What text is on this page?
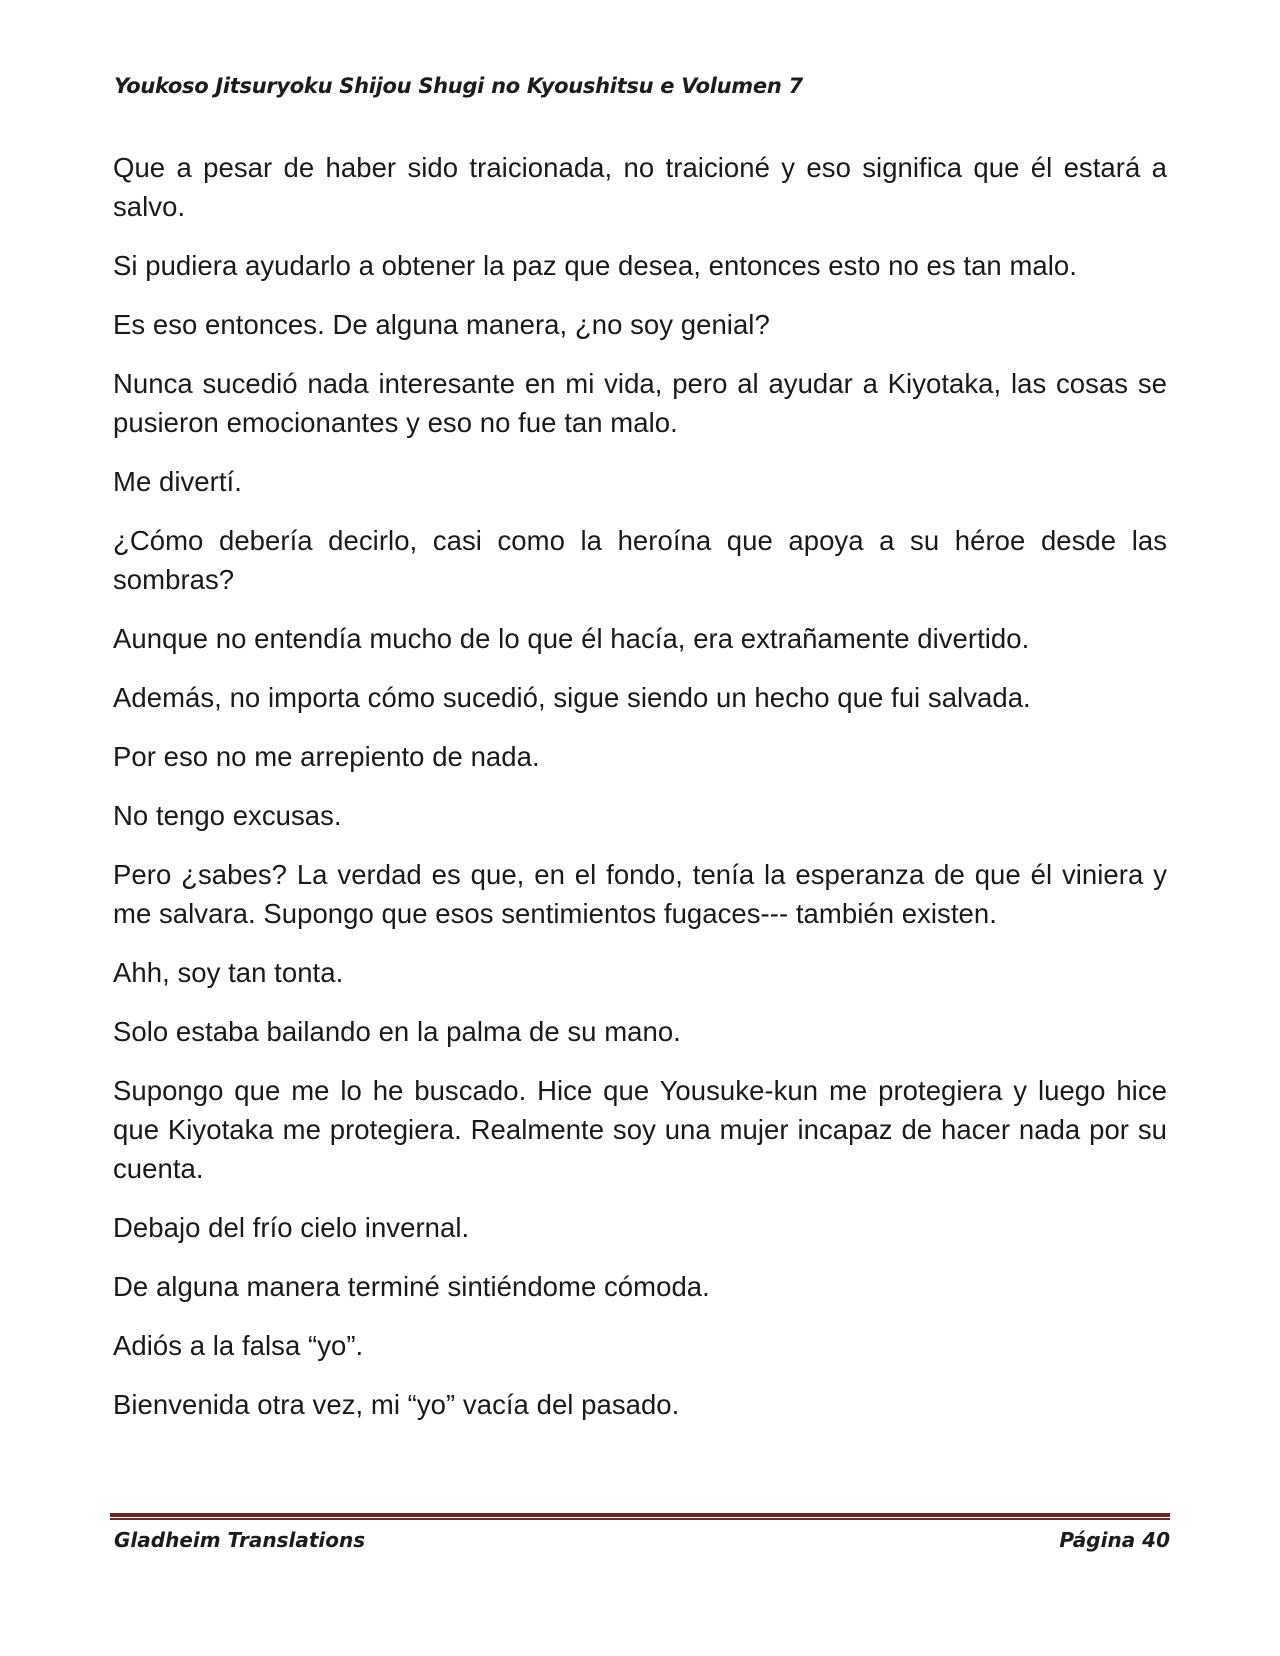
Youkoso Jitsuryoku Shijou Shugi no Kyoushitsu e Volumen 7

Que a pesar de haber sido traicionada, no traicioné y eso significa que él estará a salvo.

Si pudiera ayudarlo a obtener la paz que desea, entonces esto no es tan malo.

Es eso entonces. De alguna manera, ¿no soy genial?

Nunca sucedió nada interesante en mi vida, pero al ayudar a Kiyotaka, las cosas se pusieron emocionantes y eso no fue tan malo.

Me divertí.

¿Cómo debería decirlo, casi como la heroína que apoya a su héroe desde las sombras?

Aunque no entendía mucho de lo que él hacía, era extrañamente divertido.

Además, no importa cómo sucedió, sigue siendo un hecho que fui salvada.

Por eso no me arrepiento de nada.

No tengo excusas.

Pero ¿sabes? La verdad es que, en el fondo, tenía la esperanza de que él viniera y me salvara. Supongo que esos sentimientos fugaces--- también existen.

Ahh, soy tan tonta.

Solo estaba bailando en la palma de su mano.

Supongo que me lo he buscado. Hice que Yousuke-kun me protegiera y luego hice que Kiyotaka me protegiera. Realmente soy una mujer incapaz de hacer nada por su cuenta.

Debajo del frío cielo invernal.

De alguna manera terminé sintiéndome cómoda.

Adiós a la falsa “yo”.

Bienvenida otra vez, mi “yo” vacía del pasado.

Gladheim Translations	Página 40
